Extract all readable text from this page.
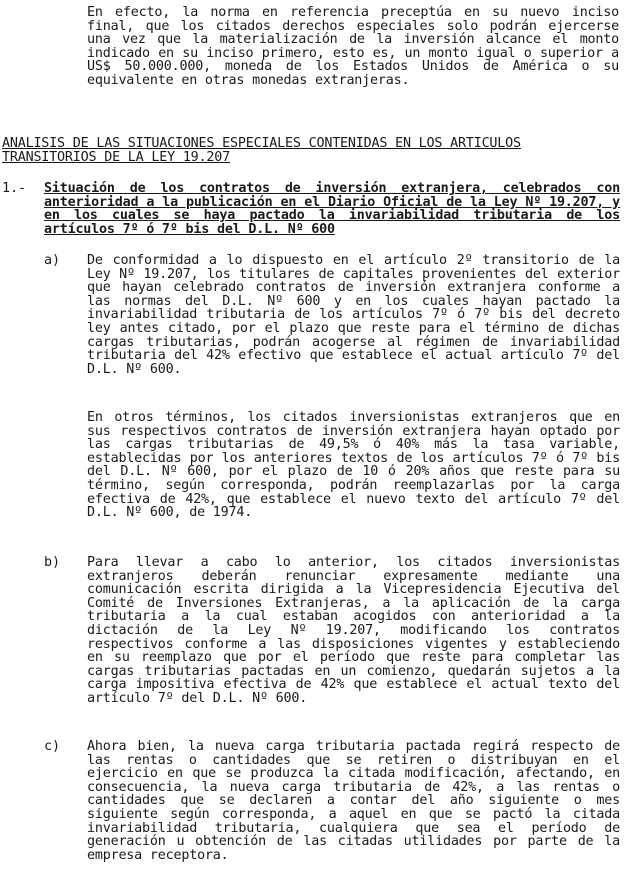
En efecto, la norma en referencia preceptúa en su nuevo inciso final, que los citados derechos especiales solo podrán ejercerse una vez que la materialización de la inversión alcance el monto indicado en su inciso primero, esto es, un monto igual o superior a US$ 50.000.000, moneda de los Estados Unidos de América o su equivalente en otras monedas extranjeras.
ANALISIS DE LAS SITUACIONES ESPECIALES CONTENIDAS EN LOS ARTICULOS TRANSITORIOS DE LA LEY 19.207
1.- Situación de los contratos de inversión extranjera, celebrados con anterioridad a la publicación en el Diario Oficial de la Ley Nº 19.207, y en los cuales se haya pactado la invariabilidad tributaria de los artículos 7º ó 7º bis del D.L. Nº 600
a) De conformidad a lo dispuesto en el artículo 2º transitorio de la Ley Nº 19.207, los titulares de capitales provenientes del exterior que hayan celebrado contratos de inversión extranjera conforme a las normas del D.L. Nº 600 y en los cuales hayan pactado la invariabilidad tributaria de los artículos 7º ó 7º bis del decreto ley antes citado, por el plazo que reste para el término de dichas cargas tributarias, podrán acogerse al régimen de invariabilidad tributaria del 42% efectivo que establece el actual artículo 7º del D.L. Nº 600.
En otros términos, los citados inversionistas extranjeros que en sus respectivos contratos de inversión extranjera hayan optado por las cargas tributarias de 49,5% ó 40% más la tasa variable, establecidas por los anteriores textos de los artículos 7º ó 7º bis del D.L. Nº 600, por el plazo de 10 ó 20% años que reste para su término, según corresponda, podrán reemplazarlas por la carga efectiva de 42%, que establece el nuevo texto del artículo 7º del D.L. Nº 600, de 1974.
b) Para llevar a cabo lo anterior, los citados inversionistas extranjeros deberán renunciar expresamente mediante una comunicación escrita dirigida a la Vicepresidencia Ejecutiva del Comité de Inversiones Extranjeras, a la aplicación de la carga tributaria a la cual estaban acogidos con anterioridad a la dictación de la Ley Nº 19.207, modificando los contratos respectivos conforme a las disposiciones vigentes y estableciendo en su reemplazo que por el período que reste para completar las cargas tributarias pactadas en un comienzo, quedarán sujetos a la carga impositiva efectiva de 42% que establece el actual texto del artículo 7º del D.L. Nº 600.
c) Ahora bien, la nueva carga tributaria pactada regirá respecto de las rentas o cantidades que se retiren o distribuyan en el ejercicio en que se produzca la citada modificación, afectando, en consecuencia, la nueva carga tributaria de 42%, a las rentas o cantidades que se declaren a contar del año siguiente o mes siguiente según corresponda, a aquel en que se pactó la citada invariabilidad tributaria, cualquiera que sea el período de generación u obtención de las citadas utilidades por parte de la empresa receptora.
